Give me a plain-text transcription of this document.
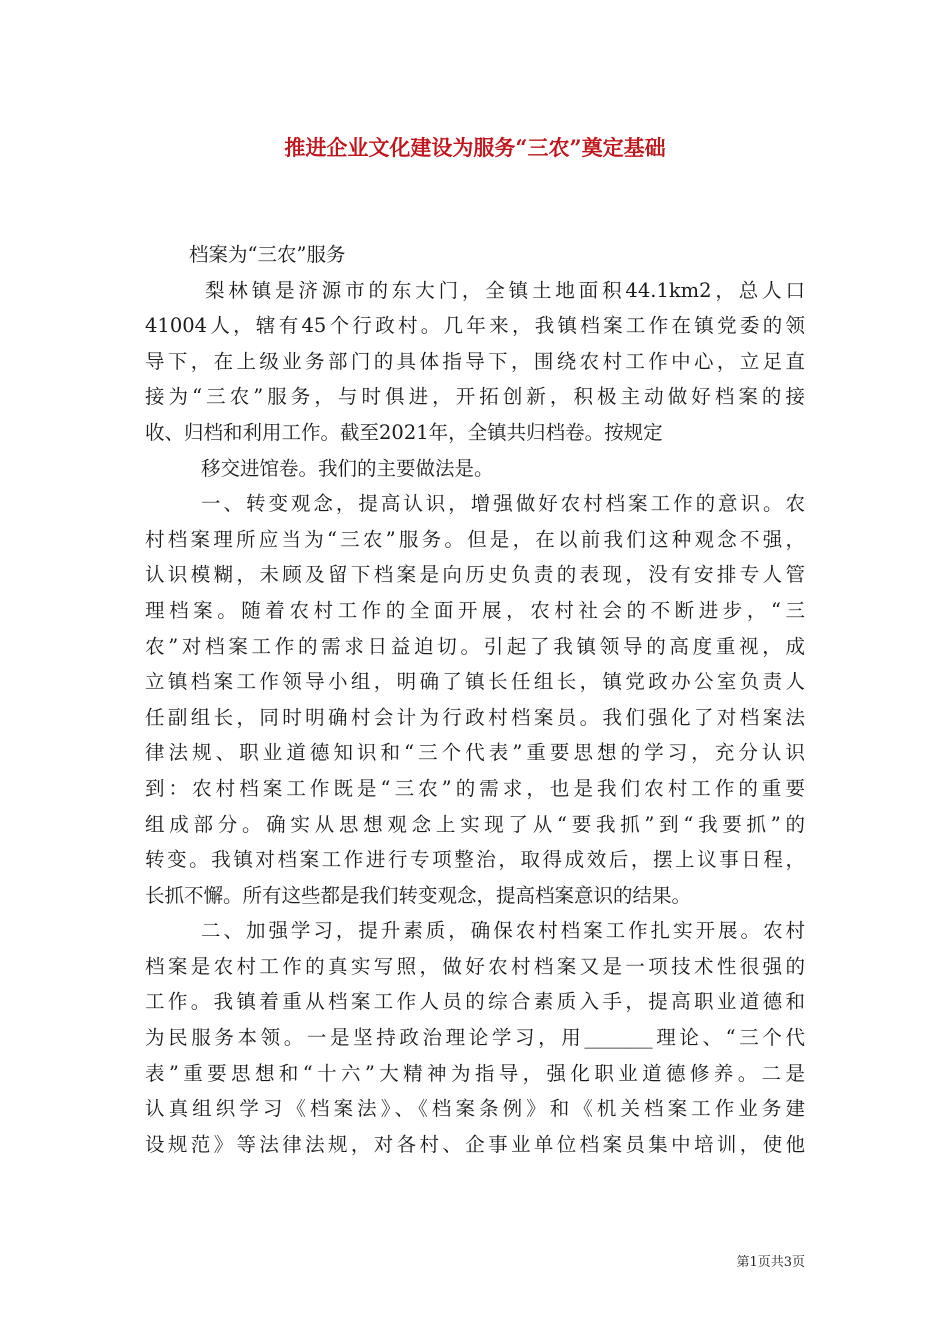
推进企业文化建设为服务“三农”奠定基础
档案为“三农”服务
梨林镇是济源市的东大门，全镇土地面积44.1km2，总人口
41004人，辖有45个行政村。几年来，我镇档案工作在镇党委的领
导下，在上级业务部门的具体指导下，围绕农村工作中心，立足直
接为“三农”服务，与时俱进，开拓创新，积极主动做好档案的接
收、归档和利用工作。截至2021年，全镇共归档卷。按规定
移交进馆卷。我们的主要做法是。
一、转变观念，提高认识，增强做好农村档案工作的意识。农
村档案理所应当为“三农”服务。但是，在以前我们这种观念不强，
认识模糊，未顾及留下档案是向历史负责的表现，没有安排专人管
理档案。随着农村工作的全面开展，农村社会的不断进步，“三
农”对档案工作的需求日益迫切。引起了我镇领导的高度重视，成
立镇档案工作领导小组，明确了镇长任组长，镇党政办公室负责人
任副组长，同时明确村会计为行政村档案员。我们强化了对档案法
律法规、职业道德知识和“三个代表”重要思想的学习，充分认识
到：农村档案工作既是“三农”的需求，也是我们农村工作的重要
组成部分。确实从思想观念上实现了从“要我抓”到“我要抓”的
转变。我镇对档案工作进行专项整治，取得成效后，摆上议事日程，
长抓不懈。所有这些都是我们转变观念，提高档案意识的结果。
二、加强学习，提升素质，确保农村档案工作扎实开展。农村
档案是农村工作的真实写照，做好农村档案又是一项技术性很强的
工作。我镇着重从档案工作人员的综合素质入手，提高职业道德和
为民服务本领。一是坚持政治理论学习，用_______理论、“三个代
表”重要思想和“十六”大精神为指导，强化职业道德修养。二是
认真组织学习《档案法》、《档案条例》和《机关档案工作业务建
设规范》等法律法规，对各村、企事业单位档案员集中培训，使他
第1页共3页
